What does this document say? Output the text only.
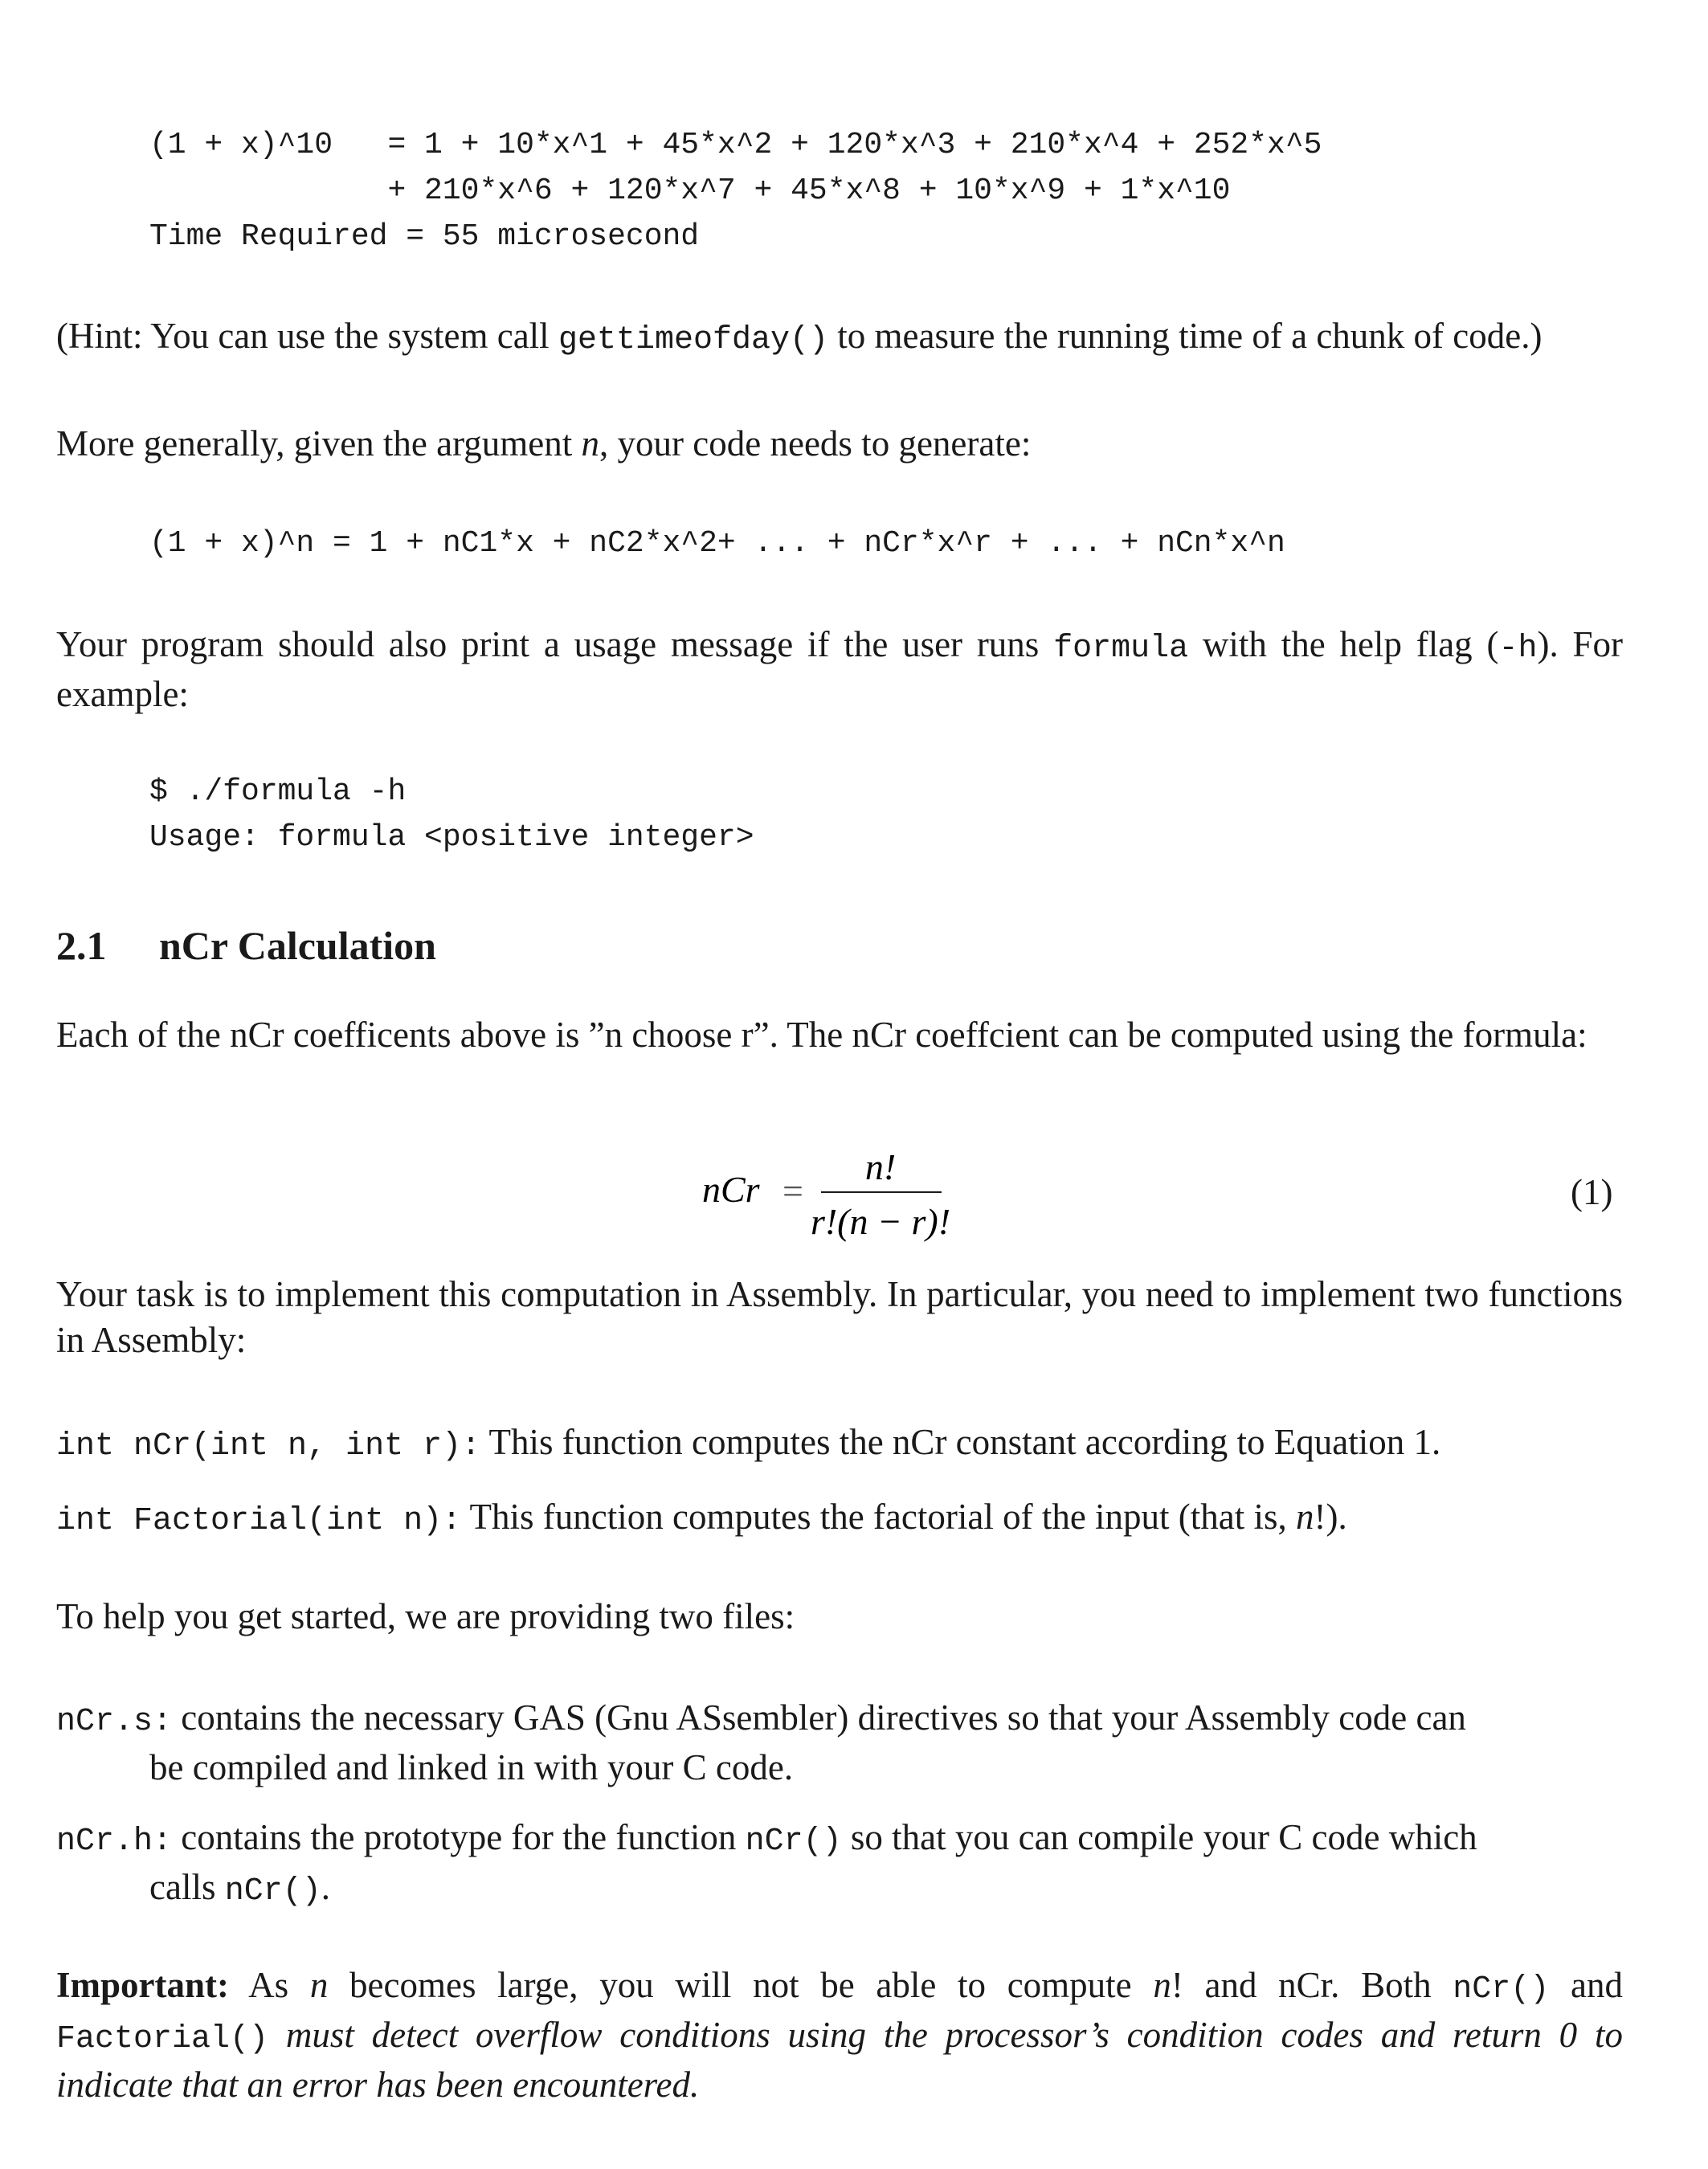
(1 + x)^10   = 1 + 10*x^1 + 45*x^2 + 120*x^3 + 210*x^4 + 252*x^5
+ 210*x^6 + 120*x^7 + 45*x^8 + 10*x^9 + 1*x^10
Time Required = 55 microsecond
(Hint: You can use the system call gettimeofday() to measure the running time of a chunk of code.)
More generally, given the argument n, your code needs to generate:
(1 + x)^n = 1 + nC1*x + nC2*x^2+ ... + nCr*x^r + ... + nCn*x^n
Your program should also print a usage message if the user runs formula with the help flag (-h). For example:
$ ./formula -h
Usage: formula <positive integer>
2.1 nCr Calculation
Each of the nCr coefficents above is ”n choose r”. The nCr coeffcient can be computed using the formula:
nCr =
n!
r!(n − r)!
(1)
Your task is to implement this computation in Assembly. In particular, you need to implement two functions in Assembly:
int nCr(int n, int r): This function computes the nCr constant according to Equation 1.
int Factorial(int n): This function computes the factorial of the input (that is, n!).
To help you get started, we are providing two files:
nCr.s: contains the necessary GAS (Gnu ASsembler) directives so that your Assembly code can
be compiled and linked in with your C code.
nCr.h: contains the prototype for the function nCr() so that you can compile your C code which
calls nCr().
Important: As n becomes large, you will not be able to compute n! and nCr. Both nCr() and Factorial() must detect overflow conditions using the processor’s condition codes and return 0 to indicate that an error has been encountered.
